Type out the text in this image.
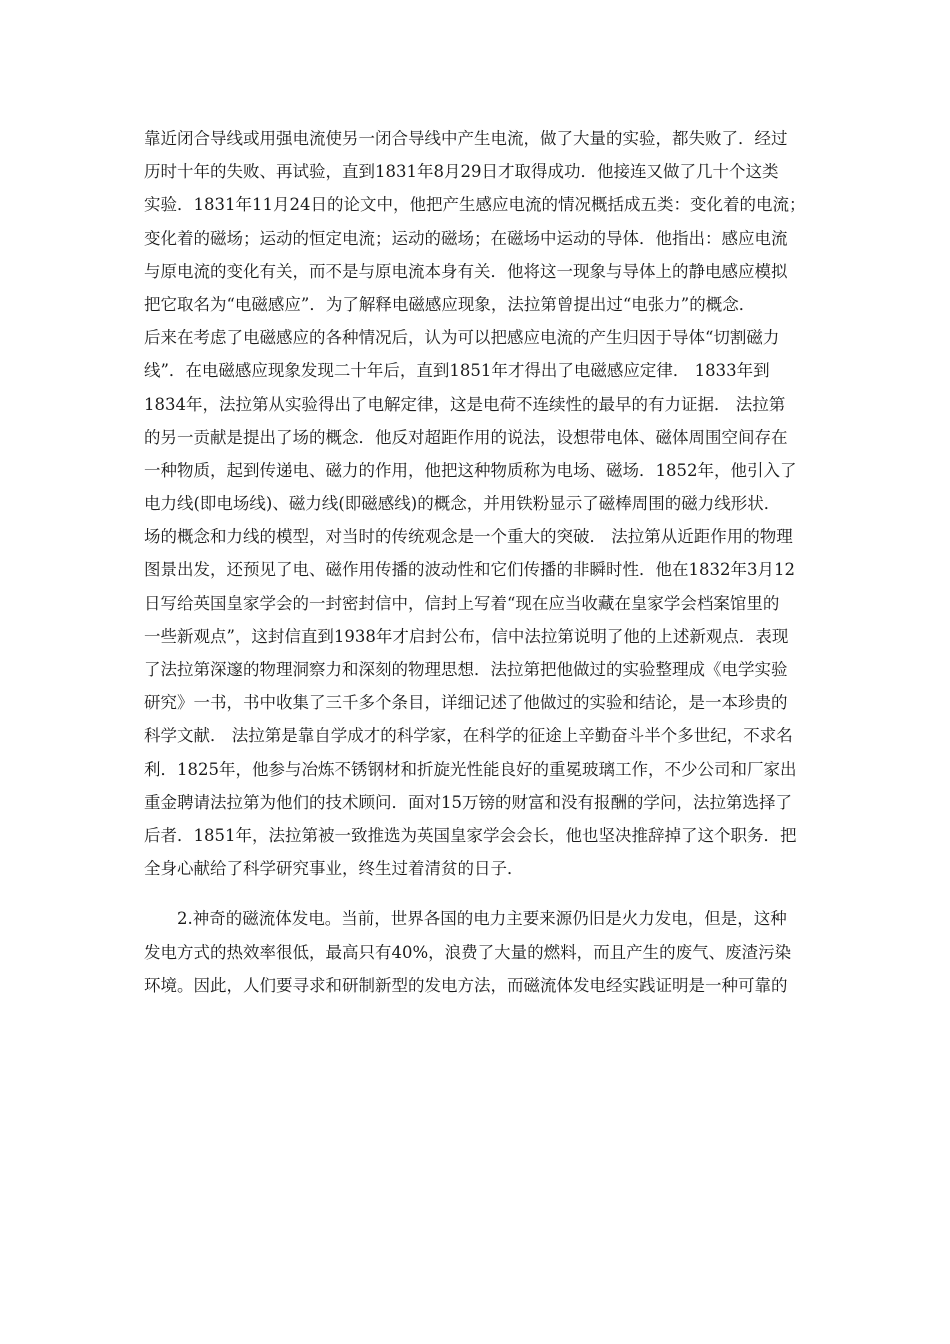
靠近闭合导线或用强电流使另一闭合导线中产生电流，做了大量的实验，都失败了．经过
历时十年的失败、再试验，直到1831年8月29日才取得成功．他接连又做了几十个这类
实验．1831年11月24日的论文中，他把产生感应电流的情况概括成五类：变化着的电流；
变化着的磁场；运动的恒定电流；运动的磁场；在磁场中运动的导体．他指出：感应电流
与原电流的变化有关，而不是与原电流本身有关．他将这一现象与导体上的静电感应模拟
把它取名为“电磁感应”．为了解释电磁感应现象，法拉第曾提出过“电张力”的概念．
后来在考虑了电磁感应的各种情况后，认为可以把感应电流的产生归因于导体“切割磁力
线”．在电磁感应现象发现二十年后，直到1851年才得出了电磁感应定律． 1833年到
1834年，法拉第从实验得出了电解定律，这是电荷不连续性的最早的有力证据． 法拉第
的另一贡献是提出了场的概念．他反对超距作用的说法，设想带电体、磁体周围空间存在
一种物质，起到传递电、磁力的作用，他把这种物质称为电场、磁场．1852年，他引入了
电力线(即电场线)、磁力线(即磁感线)的概念，并用铁粉显示了磁棒周围的磁力线形状．
场的概念和力线的模型，对当时的传统观念是一个重大的突破． 法拉第从近距作用的物理
图景出发，还预见了电、磁作用传播的波动性和它们传播的非瞬时性．他在1832年3月12
日写给英国皇家学会的一封密封信中，信封上写着“现在应当收藏在皇家学会档案馆里的
一些新观点”，这封信直到1938年才启封公布，信中法拉第说明了他的上述新观点．表现
了法拉第深邃的物理洞察力和深刻的物理思想．法拉第把他做过的实验整理成《电学实验
研究》一书，书中收集了三千多个条目，详细记述了他做过的实验和结论，是一本珍贵的
科学文献． 法拉第是靠自学成才的科学家，在科学的征途上辛勤奋斗半个多世纪，不求名
利．1825年，他参与冶炼不锈钢材和折旋光性能良好的重冕玻璃工作，不少公司和厂家出
重金聘请法拉第为他们的技术顾问．面对15万镑的财富和没有报酬的学问，法拉第选择了
后者．1851年，法拉第被一致推选为英国皇家学会会长，他也坚决推辞掉了这个职务．把
全身心献给了科学研究事业，终生过着清贫的日子．
2.神奇的磁流体发电。当前，世界各国的电力主要来源仍旧是火力发电，但是，这种
发电方式的热效率很低，最高只有40%，浪费了大量的燃料，而且产生的废气、废渣污染
环境。因此，人们要寻求和研制新型的发电方法，而磁流体发电经实践证明是一种可靠的
